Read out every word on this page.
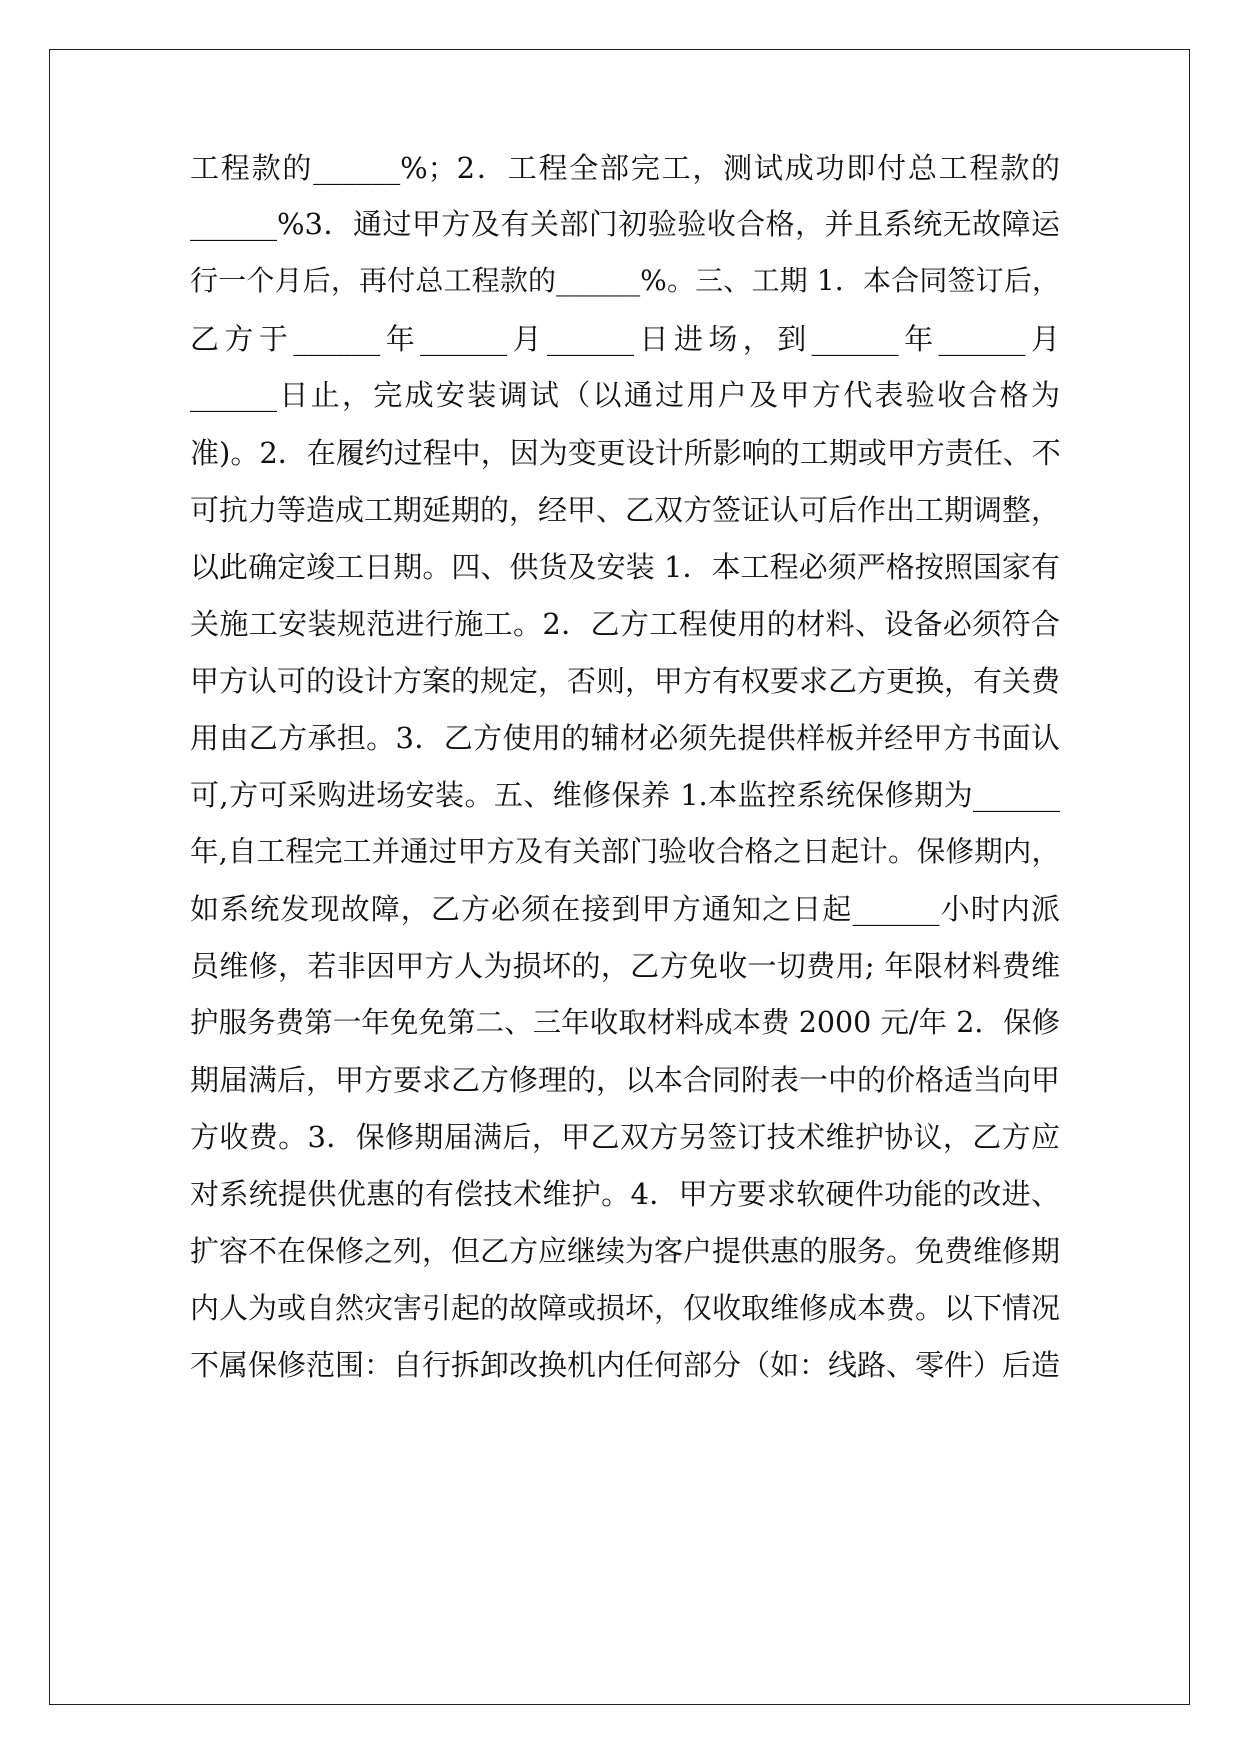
工程款的______%；2．工程全部完工，测试成功即付总工程款的
______%3．通过甲方及有关部门初验验收合格，并且系统无故障运
行一个月后，再付总工程款的______%。三、工期 1．本合同签订后，
乙方于______年______月______日进场，到______年______月
______日止，完成安装调试（以通过用户及甲方代表验收合格为
准)。2．在履约过程中，因为变更设计所影响的工期或甲方责任、不
可抗力等造成工期延期的，经甲、乙双方签证认可后作出工期调整，
以此确定竣工日期。四、供货及安装 1．本工程必须严格按照国家有
关施工安装规范进行施工。2．乙方工程使用的材料、设备必须符合
甲方认可的设计方案的规定，否则，甲方有权要求乙方更换，有关费
用由乙方承担。3．乙方使用的辅材必须先提供样板并经甲方书面认
可,方可采购进场安装。五、维修保养 1.本监控系统保修期为______
年,自工程完工并通过甲方及有关部门验收合格之日起计。保修期内，
如系统发现故障，乙方必须在接到甲方通知之日起______小时内派
员维修，若非因甲方人为损坏的，乙方免收一切费用; 年限材料费维
护服务费第一年免免第二、三年收取材料成本费 2000 元/年 2．保修
期届满后，甲方要求乙方修理的，以本合同附表一中的价格适当向甲
方收费。3．保修期届满后，甲乙双方另签订技术维护协议，乙方应
对系统提供优惠的有偿技术维护。4．甲方要求软硬件功能的改进、
扩容不在保修之列，但乙方应继续为客户提供惠的服务。免费维修期
内人为或自然灾害引起的故障或损坏，仅收取维修成本费。以下情况
不属保修范围：自行拆卸改换机内任何部分（如：线路、零件）后造
